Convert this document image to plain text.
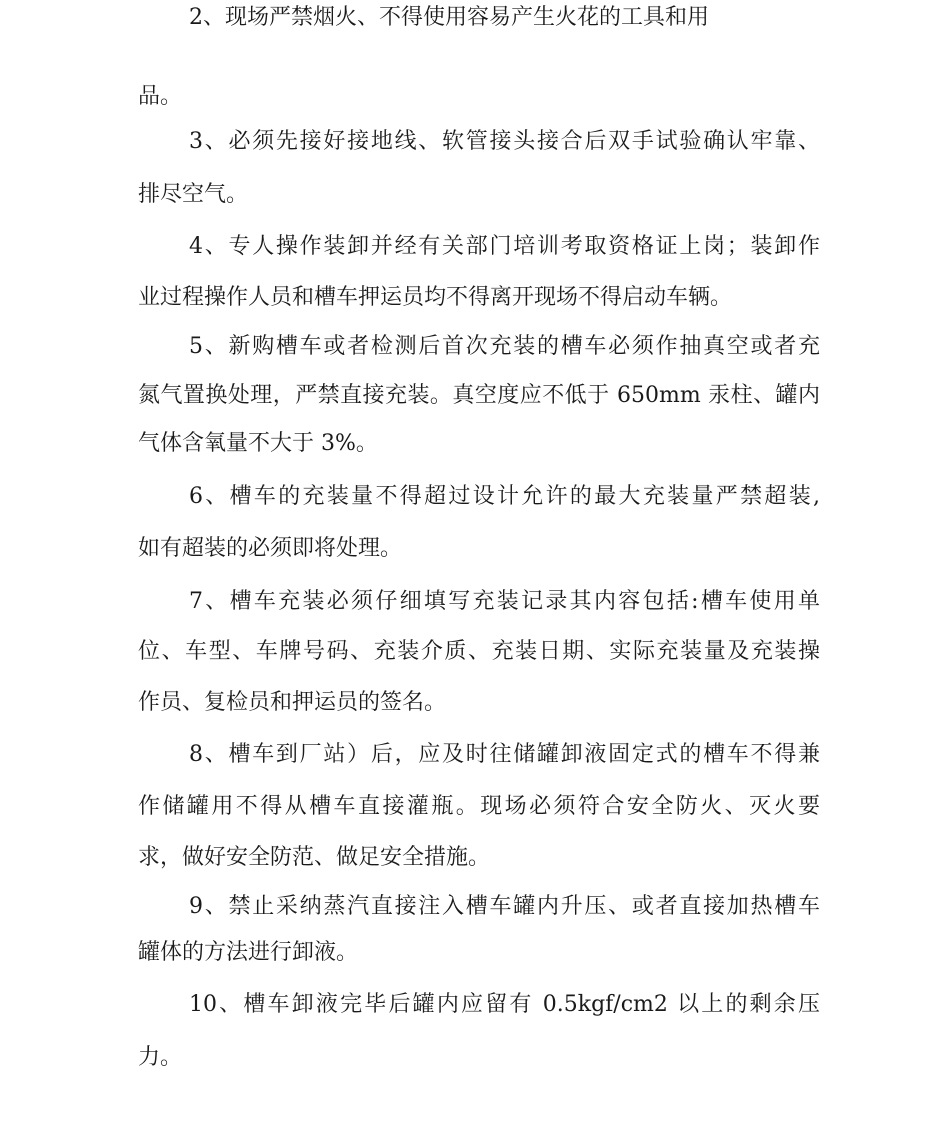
2、现场严禁烟火、不得使用容易产生火花的工具和用
品。
3、必须先接好接地线、软管接头接合后双手试验确认牢靠、
排尽空气。
4、专人操作装卸并经有关部门培训考取资格证上岗；装卸作
业过程操作人员和槽车押运员均不得离开现场不得启动车辆。
5、新购槽车或者检测后首次充装的槽车必须作抽真空或者充
氮气置换处理，严禁直接充装。真空度应不低于 650mm 汞柱、罐内
气体含氧量不大于 3%。
6、槽车的充装量不得超过设计允许的最大充装量严禁超装,
如有超装的必须即将处理。
7、槽车充装必须仔细填写充装记录其内容包括:槽车使用单
位、车型、车牌号码、充装介质、充装日期、实际充装量及充装操
作员、复检员和押运员的签名。
8、槽车到厂站）后，应及时往储罐卸液固定式的槽车不得兼
作储罐用不得从槽车直接灌瓶。现场必须符合安全防火、灭火要
求，做好安全防范、做足安全措施。
9、禁止采纳蒸汽直接注入槽车罐内升压、或者直接加热槽车
罐体的方法进行卸液。
10、槽车卸液完毕后罐内应留有 0.5kgf/cm2 以上的剩余压
力。
